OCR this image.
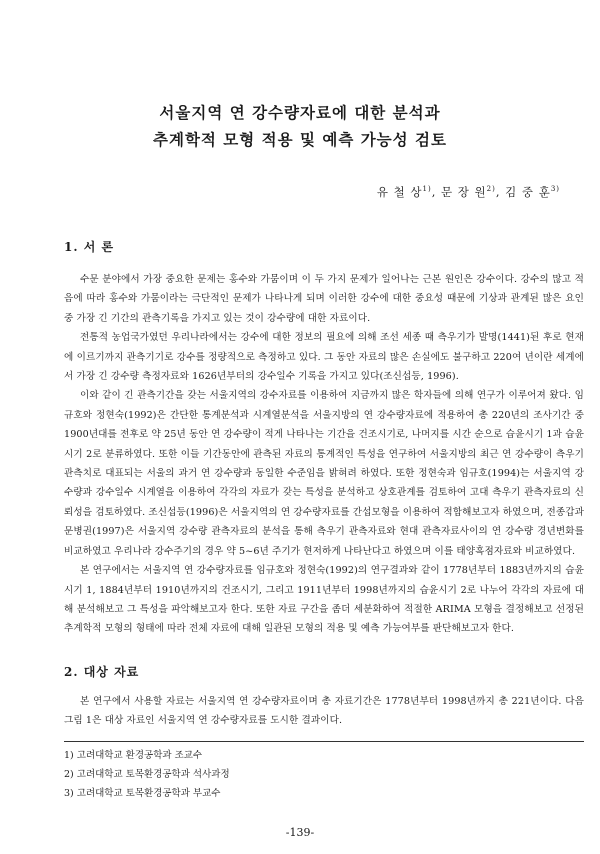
서울지역 연 강수량자료에 대한 분석과
추계학적 모형 적용 및 예측 가능성 검토
유 철 상$^{1)}$, 문 장 원$^{2)}$, 김 중 훈$^{3)}$
1. 서 론

수문 분야에서 가장 중요한 문제는 홍수와 가뭄이며 이 두 가지 문제가 일어나는 근본 원인은 강수이다. 강수의 많고 적음에 따라 홍수와 가뭄이라는 극단적인 문제가 나타나게 되며 이러한 강수에 대한 중요성 때문에 기상과 관계된 많은 요인 중 가장 긴 기간의 관측기록을 가지고 있는 것이 강수량에 대한 자료이다.

전통적 농업국가였던 우리나라에서는 강수에 대한 정보의 필요에 의해 조선 세종 때 측우기가 발명(1441)된 후로 현재에 이르기까지 관측기기로 강수를 정량적으로 측정하고 있다. 그 동안 자료의 많은 손실에도 불구하고 220여 년이란 세계에서 가장 긴 강수량 측정자료와 1626년부터의 강수일수 기록을 가지고 있다(조신섭등, 1996).

이와 같이 긴 관측기간을 갖는 서울지역의 강수자료를 이용하여 지금까지 많은 학자들에 의해 연구가 이루어져 왔다. 임규호와 정현숙(1992)은 간단한 통계분석과 시계열분석을 서울지방의 연 강수량자료에 적용하여 총 220년의 조사기간 중 1900년대를 전후로 약 25년 동안 연 강수량이 적게 나타나는 기간을 건조시기로, 나머지를 시간 순으로 습윤시기 1과 습윤시기 2로 분류하였다. 또한 이들 기간동안에 관측된 자료의 통계적인 특성을 연구하여 서울지방의 최근 연 강수량이 측우기 관측치로 대표되는 서울의 과거 연 강수량과 동일한 수준임을 밝혀려 하였다. 또한 정현숙과 임규호(1994)는 서울지역 강수량과 강수일수 시계열을 이용하여 각각의 자료가 갖는 특성을 분석하고 상호관계를 검토하여 고대 측우기 관측자료의 신뢰성을 검토하였다. 조신섭등(1996)은 서울지역의 연 강수량자료를 간섭모형을 이용하여 적합해보고자 하였으며, 전종갑과 문병권(1997)은 서울지역 강수량 관측자료의 분석을 통해 측우기 관측자료와 현대 관측자료사이의 연 강수량 경년변화를 비교하였고 우리나라 강수주기의 경우 약 5~6년 주기가 현저하게 나타난다고 하였으며 이를 태양흑점자료와 비교하였다.

본 연구에서는 서울지역 연 강수량자료를 임규호와 정현숙(1992)의 연구결과와 같이 1778년부터 1883년까지의 습윤시기 1, 1884년부터 1910년까지의 건조시기, 그리고 1911년부터 1998년까지의 습윤시기 2로 나누어 각각의 자료에 대해 분석해보고 그 특성을 파악해보고자 한다. 또한 자료 구간을 좀더 세분화하여 적절한 ARIMA 모형을 결정해보고 선정된 추계학적 모형의 형태에 따라 전체 자료에 대해 일관된 모형의 적용 및 예측 가능여부를 판단해보고자 한다.

2. 대상 자료

본 연구에서 사용할 자료는 서울지역 연 강수량자료이며 총 자료기간은 1778년부터 1998년까지 총 221년이다. 다음 그림 1은 대상 자료인 서울지역 연 강수량자료를 도시한 결과이다.

1) 고려대학교 환경공학과 조교수
2) 고려대학교 토목환경공학과 석사과정
3) 고려대학교 토목환경공학과 부교수
-139-
